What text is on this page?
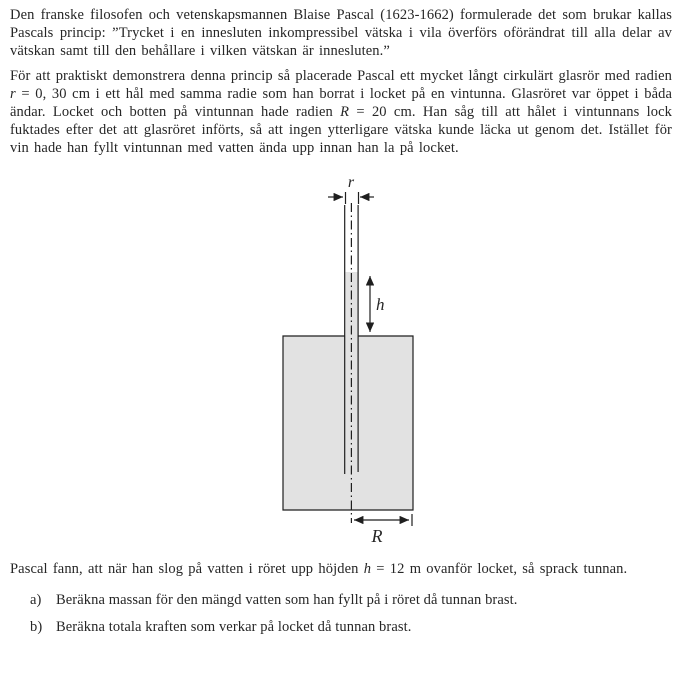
Den franske filosofen och vetenskapsmannen Blaise Pascal (1623-1662) formulerade det som brukar kallas Pascals princip: ”Trycket i en innesluten inkompressibel vätska i vila överförs oförändrat till alla delar av vätskan samt till den behållare i vilken vätskan är innesluten.”

För att praktiskt demonstrera denna princip så placerade Pascal ett mycket långt cirkulärt glasrör med radien r = 0, 30 cm i ett hål med samma radie som han borrat i locket på en vintunna. Glasröret var öppet i båda ändar. Locket och botten på vintunnan hade radien R = 20 cm. Han såg till att hålet i vintunnans lock fuktades efter det att glasröret införts, så att ingen ytterligare vätska kunde läcka ut genom det. Istället för vin hade han fyllt vintunnan med vatten ända upp innan han la på locket.

r
h
R

Pascal fann, att när han slog på vatten i röret upp höjden h = 12 m ovanför locket, så sprack tunnan.

a)	Beräkna massan för den mängd vatten som han fyllt på i röret då tunnan brast.
b) Beräkna totala kraften som verkar på locket då tunnan brast.
